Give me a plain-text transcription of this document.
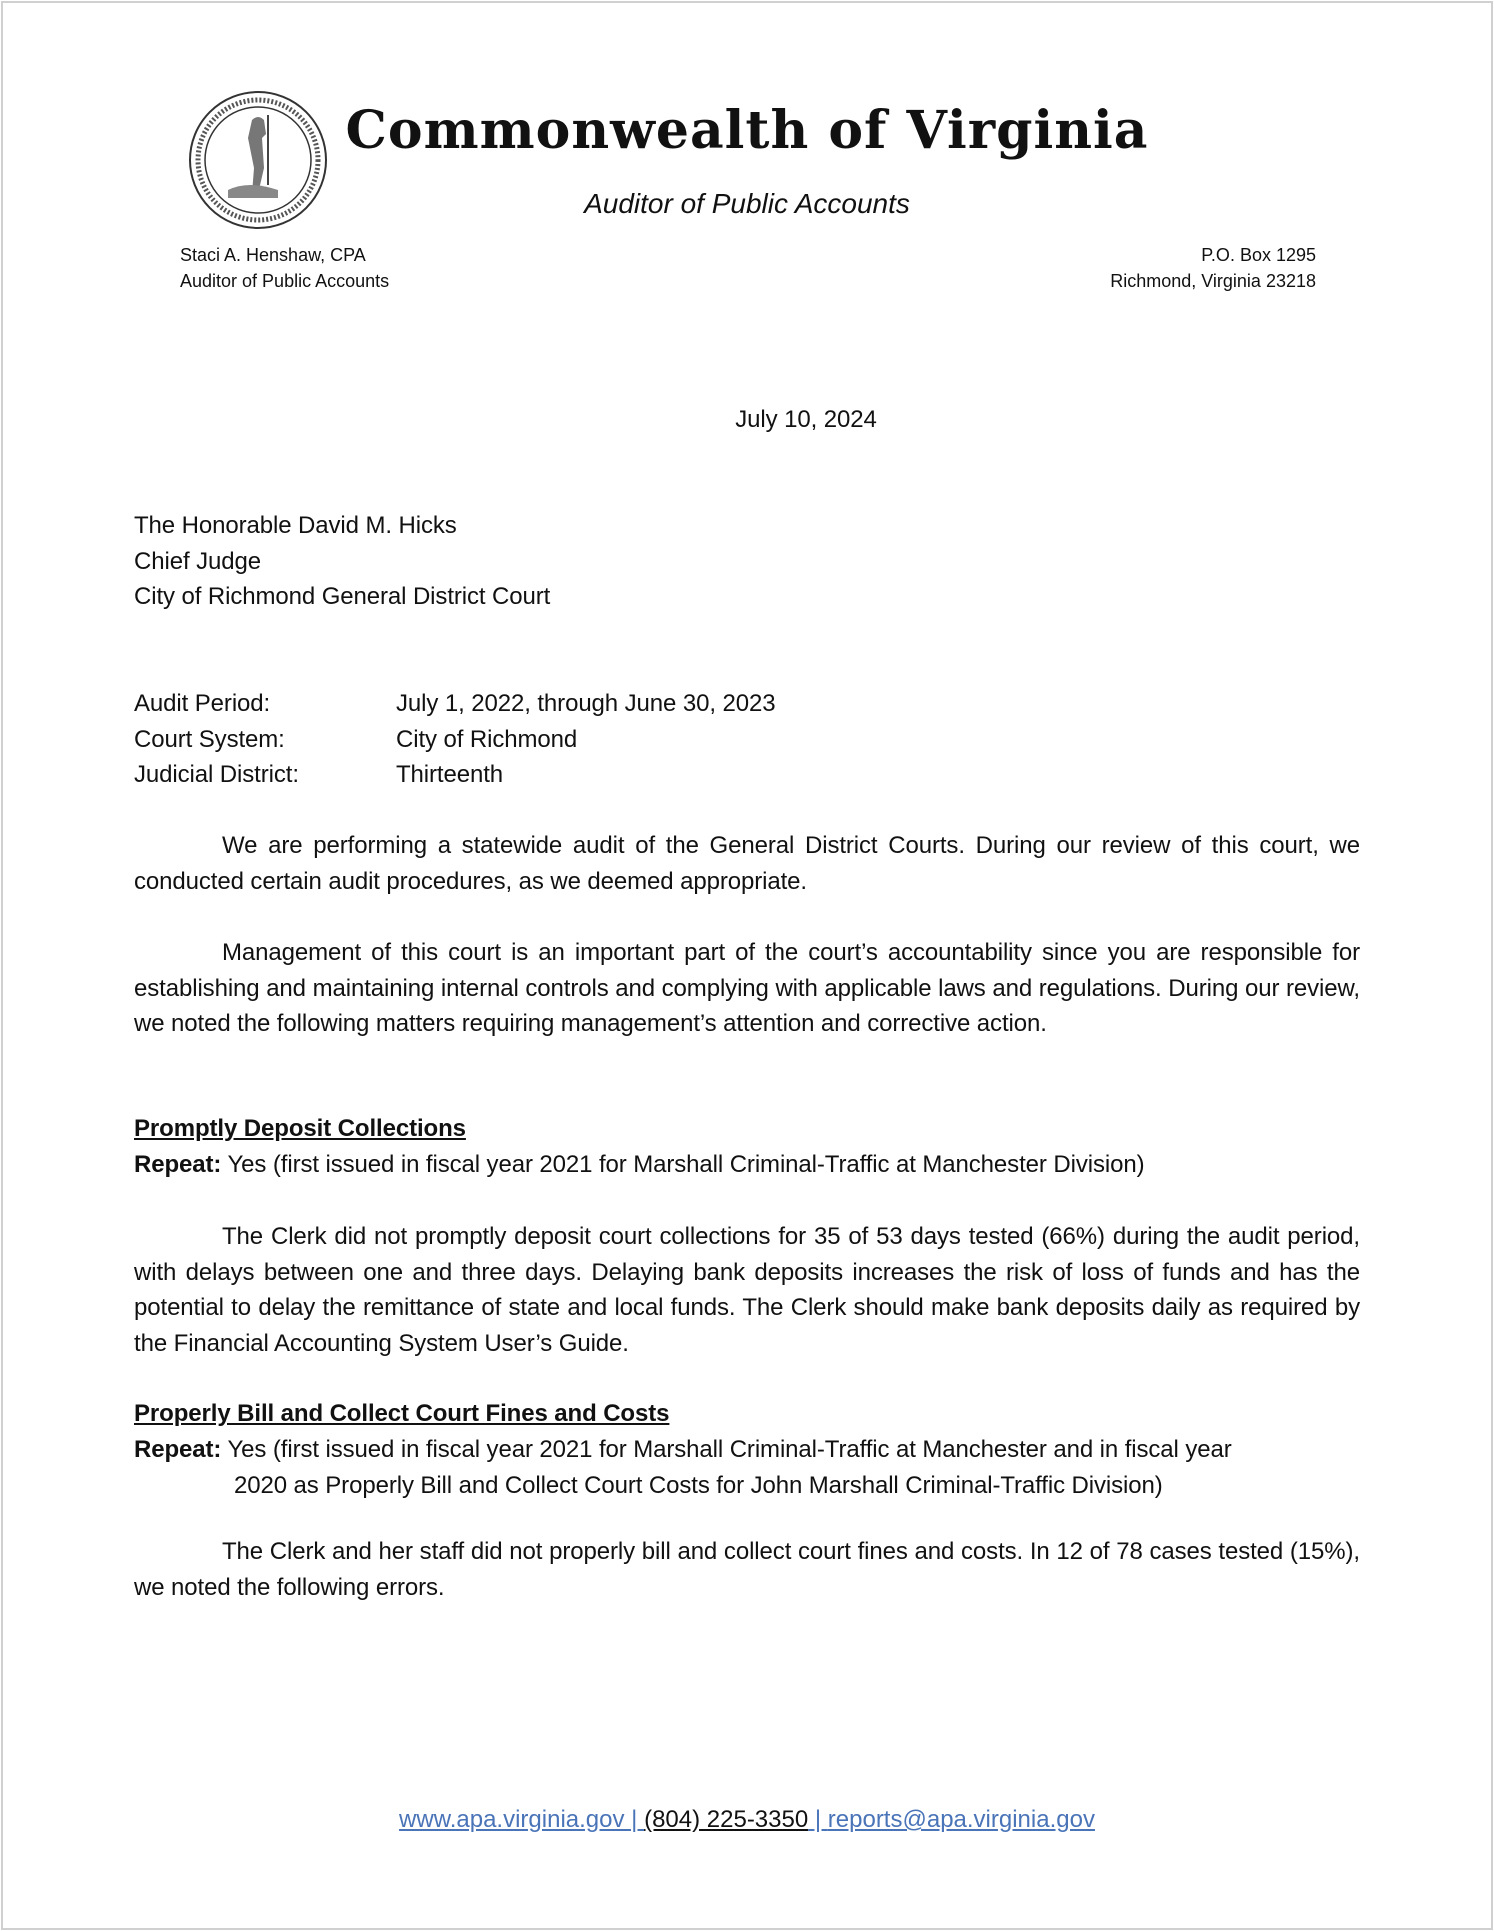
Commonwealth of Virginia
Auditor of Public Accounts
Staci A. Henshaw, CPA
Auditor of Public Accounts
P.O. Box 1295
Richmond, Virginia 23218
July 10, 2024
The Honorable David M. Hicks
Chief Judge
City of Richmond General District Court
Audit Period:	July 1, 2022, through June 30, 2023
Court System:	City of Richmond
Judicial District:	Thirteenth
We are performing a statewide audit of the General District Courts. During our review of this court, we conducted certain audit procedures, as we deemed appropriate.
Management of this court is an important part of the court’s accountability since you are responsible for establishing and maintaining internal controls and complying with applicable laws and regulations. During our review, we noted the following matters requiring management’s attention and corrective action.
Promptly Deposit Collections
Repeat: Yes (first issued in fiscal year 2021 for Marshall Criminal-Traffic at Manchester Division)
The Clerk did not promptly deposit court collections for 35 of 53 days tested (66%) during the audit period, with delays between one and three days. Delaying bank deposits increases the risk of loss of funds and has the potential to delay the remittance of state and local funds. The Clerk should make bank deposits daily as required by the Financial Accounting System User’s Guide.
Properly Bill and Collect Court Fines and Costs
Repeat: Yes (first issued in fiscal year 2021 for Marshall Criminal-Traffic at Manchester and in fiscal year
2020 as Properly Bill and Collect Court Costs for John Marshall Criminal-Traffic Division)
The Clerk and her staff did not properly bill and collect court fines and costs. In 12 of 78 cases tested (15%), we noted the following errors.
www.apa.virginia.gov | (804) 225-3350 | reports@apa.virginia.gov
